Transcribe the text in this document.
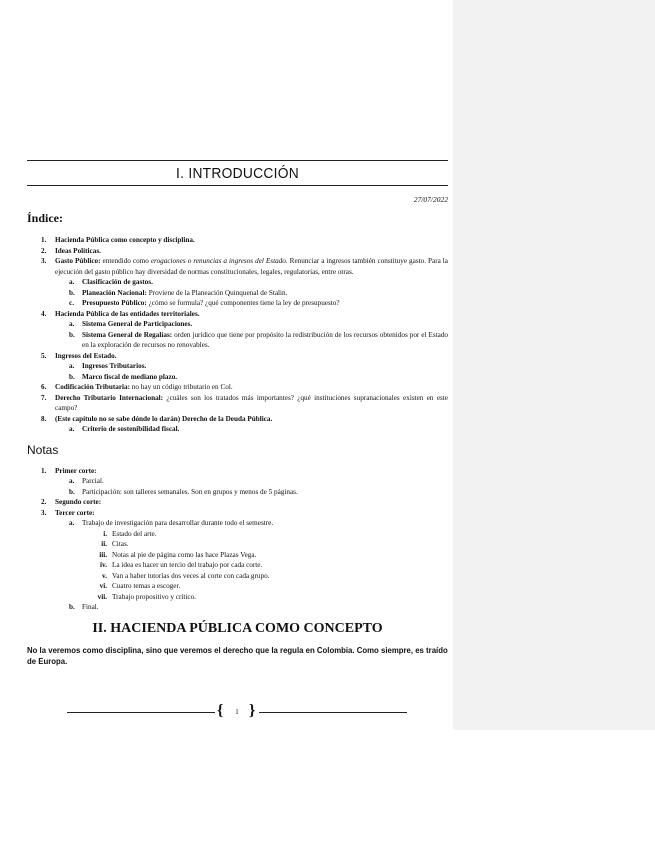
I. INTRODUCCIÓN
27/07/2022
Índice:
1. Hacienda Pública como concepto y disciplina.
2. Ideas Políticas.
3. Gasto Público: entendido como erogaciones o renuncias a ingresos del Estado. Renunciar a ingresos también constituye gasto. Para la ejecución del gasto público hay diversidad de normas constitucionales, legales, regulatorias, entre otras.
a. Clasificación de gastos.
b. Planeación Nacional: Proviene de la Planeación Quinquenal de Stalin.
c. Presupuesto Público: ¿cómo se formula? ¿qué componentes tiene la ley de presupuesto?
4. Hacienda Pública de las entidades territoriales.
a. Sistema General de Participaciones.
b. Sistema General de Regalías: orden jurídico que tiene por propósito la redistribución de los recursos obtenidos por el Estado en la exploración de recursos no renovables.
5. Ingresos del Estado.
a. Ingresos Tributarios.
b. Marco fiscal de mediano plazo.
6. Codificación Tributaria: no hay un código tributario en Col.
7. Derecho Tributario Internacional: ¿cuáles son los tratados más importantes? ¿qué instituciones supranacionales existen en este campo?
8. (Este capítulo no se sabe dónde lo darán) Derecho de la Deuda Pública.
a. Criterio de sostenibilidad fiscal.
Notas
1. Primer corte:
a. Parcial.
b. Participación: son talleres semanales. Son en grupos y menos de 5 páginas.
2. Segundo corte:
3. Tercer corte:
a. Trabajo de investigación para desarrollar durante todo el semestre.
i. Estado del arte.
ii. Citas.
iii. Notas al pie de página como las hace Plazas Vega.
iv. La idea es hacer un tercio del trabajo por cada corte.
v. Van a haber tutorías dos veces al corte con cada grupo.
vi. Cuatro temas a escoger.
vii. Trabajo propositivo y crítico.
b. Final.
II. HACIENDA PÚBLICA COMO CONCEPTO
No la veremos como disciplina, sino que veremos el derecho que la regula en Colombia. Como siempre, es traído de Europa.
{	1 }
